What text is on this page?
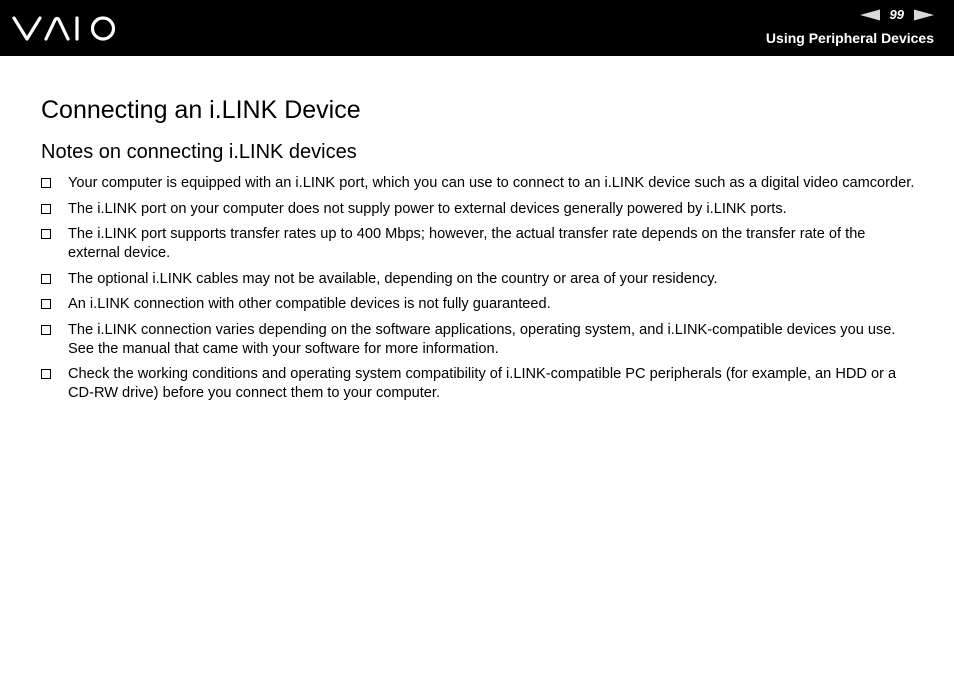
99
Using Peripheral Devices
Connecting an i.LINK Device
Notes on connecting i.LINK devices
Your computer is equipped with an i.LINK port, which you can use to connect to an i.LINK device such as a digital video camcorder.
The i.LINK port on your computer does not supply power to external devices generally powered by i.LINK ports.
The i.LINK port supports transfer rates up to 400 Mbps; however, the actual transfer rate depends on the transfer rate of the external device.
The optional i.LINK cables may not be available, depending on the country or area of your residency.
An i.LINK connection with other compatible devices is not fully guaranteed.
The i.LINK connection varies depending on the software applications, operating system, and i.LINK-compatible devices you use. See the manual that came with your software for more information.
Check the working conditions and operating system compatibility of i.LINK-compatible PC peripherals (for example, an HDD or a CD-RW drive) before you connect them to your computer.
